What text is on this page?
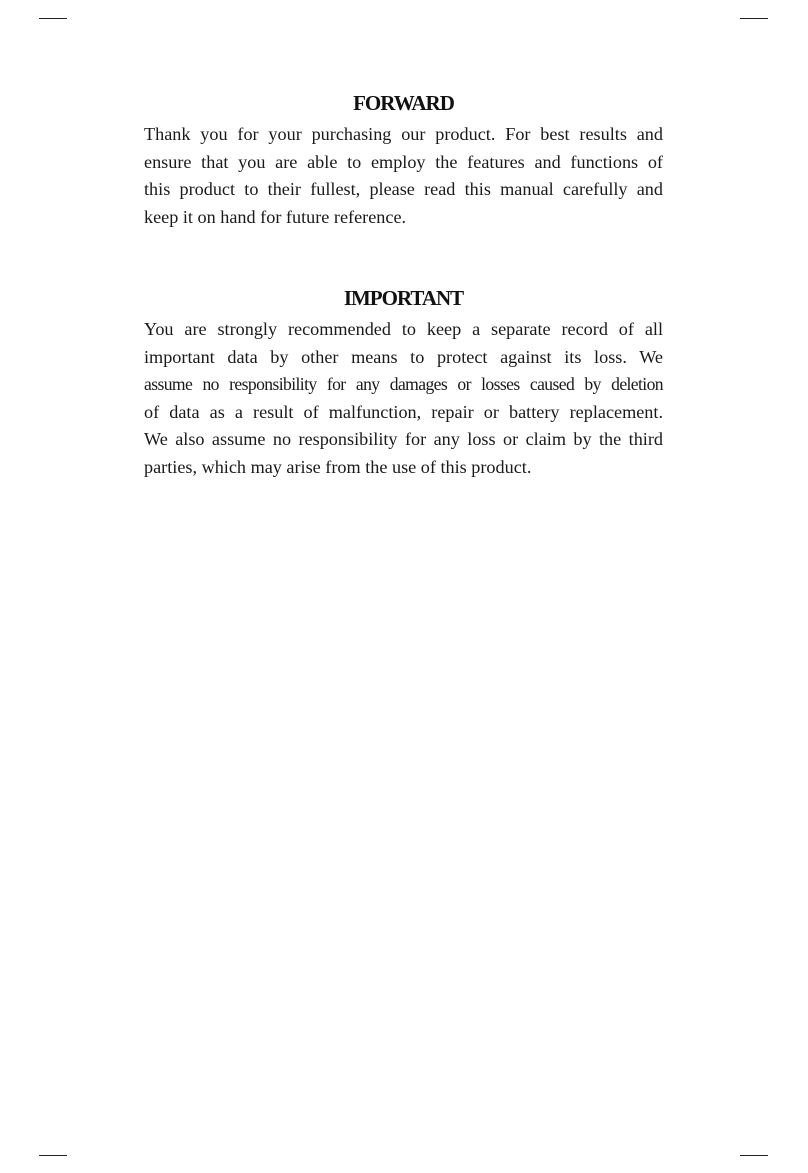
FORWARD

Thank you for your purchasing our product. For best results and
ensure that you are able to employ the features and functions of
this product to their fullest, please read this manual carefully and
keep it on hand for future reference.

IMPORTANT

You are strongly recommended to keep a separate record of all
important data by other means to protect against its loss. We
assume no responsibility for any damages or losses caused by deletion
of data as a result of malfunction, repair or battery replacement.
We also assume no responsibility for any loss or claim by the third
parties, which may arise from the use of this product.
